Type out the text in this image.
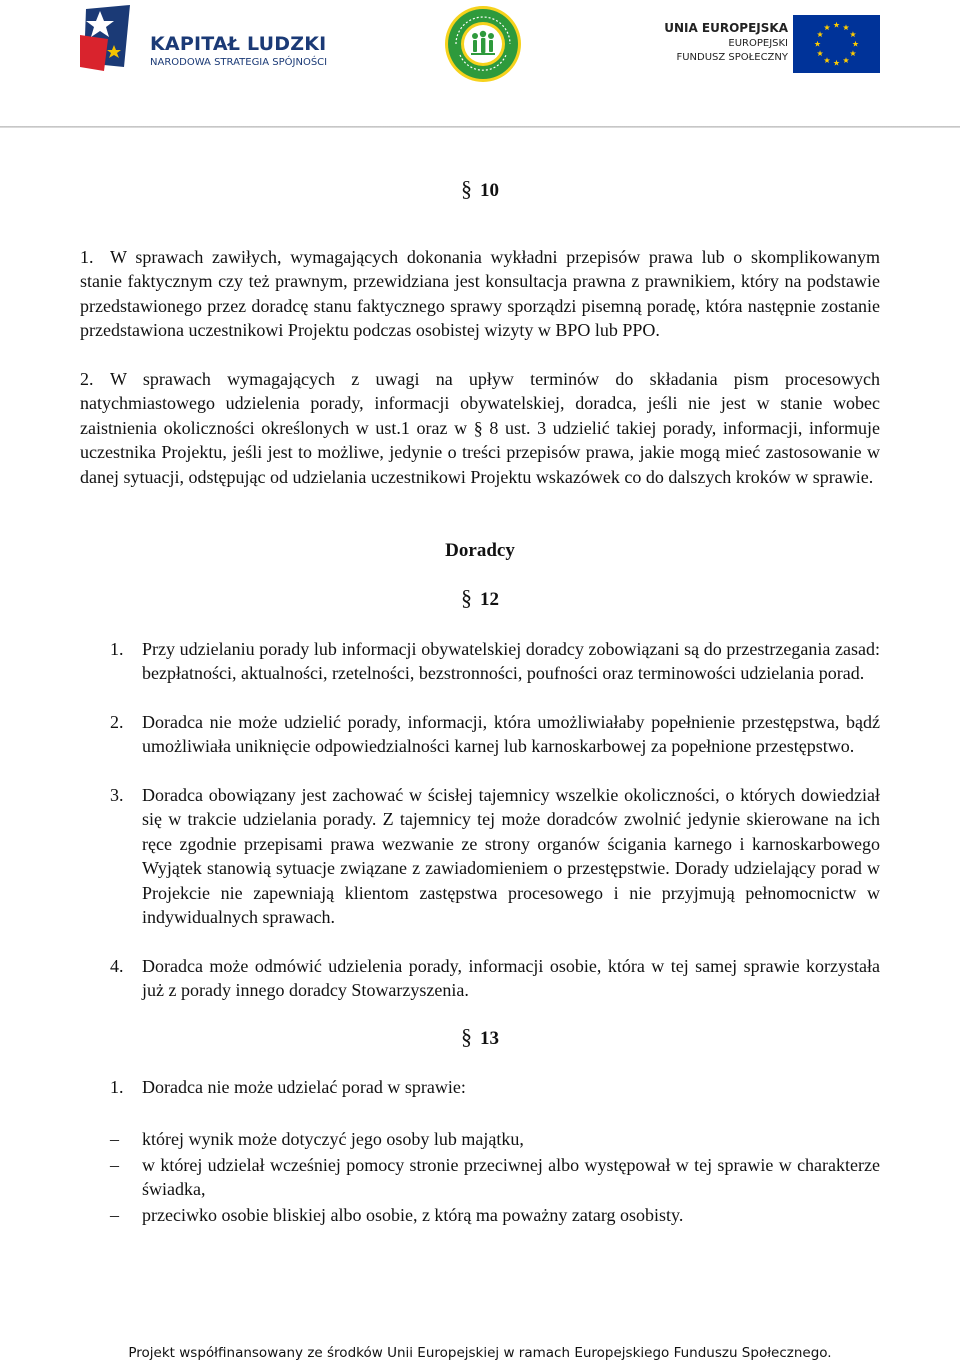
KAPITAŁ LUDZKI
NARODOWA STRATEGIA SPÓJNOŚCI
UNIA EUROPEJSKA
EUROPEJSKI
FUNDUSZ SPOŁECZNY
§ 10
1. W sprawach zawiłych, wymagających dokonania wykładni przepisów prawa lub o skomplikowanym stanie faktycznym czy też prawnym, przewidziana jest konsultacja prawna z prawnikiem, który na podstawie przedstawionego przez doradcę stanu faktycznego sprawy sporządzi pisemną poradę, która następnie zostanie przedstawiona uczestnikowi Projektu podczas osobistej wizyty w BPO lub PPO.
2. W sprawach wymagających z uwagi na upływ terminów do składania pism procesowych natychmiastowego udzielenia porady, informacji obywatelskiej, doradca, jeśli nie jest w stanie wobec zaistnienia okoliczności określonych w ust.1 oraz w § 8 ust. 3 udzielić takiej porady, informacji, informuje uczestnika Projektu, jeśli jest to możliwe, jedynie o treści przepisów prawa, jakie mogą mieć zastosowanie w danej sytuacji, odstępując od udzielania uczestnikowi Projektu wskazówek co do dalszych kroków w sprawie.
Doradcy
§ 12
1. Przy udzielaniu porady lub informacji obywatelskiej doradcy zobowiązani są do przestrzegania zasad: bezpłatności, aktualności, rzetelności, bezstronności, poufności oraz terminowości udzielania porad.
2. Doradca nie może udzielić porady, informacji, która umożliwiałaby popełnienie przestępstwa, bądź umożliwiała uniknięcie odpowiedzialności karnej lub karnoskarbowej za popełnione przestępstwo.
3. Doradca obowiązany jest zachować w ścisłej tajemnicy wszelkie okoliczności, o których dowiedział się w trakcie udzielania porady. Z tajemnicy tej może doradców zwolnić jedynie skierowane na ich ręce zgodnie przepisami prawa wezwanie ze strony organów ścigania karnego i karnoskarbowego Wyjątek stanowią sytuacje związane z zawiadomieniem o przestępstwie. Dorady udzielający porad w Projekcie nie zapewniają klientom zastępstwa procesowego i nie przyjmują pełnomocnictw w indywidualnych sprawach.
4. Doradca może odmówić udzielenia porady, informacji osobie, która w tej samej sprawie korzystała już z porady innego doradcy Stowarzyszenia.
§ 13
1. Doradca nie może udzielać porad w sprawie:
– której wynik może dotyczyć jego osoby lub majątku,
– w której udzielał wcześniej pomocy stronie przeciwnej albo występował w tej sprawie w charakterze świadka,
– przeciwko osobie bliskiej albo osobie, z którą ma poważny zatarg osobisty.
Projekt współfinansowany ze środków Unii Europejskiej w ramach Europejskiego Funduszu Społecznego.
